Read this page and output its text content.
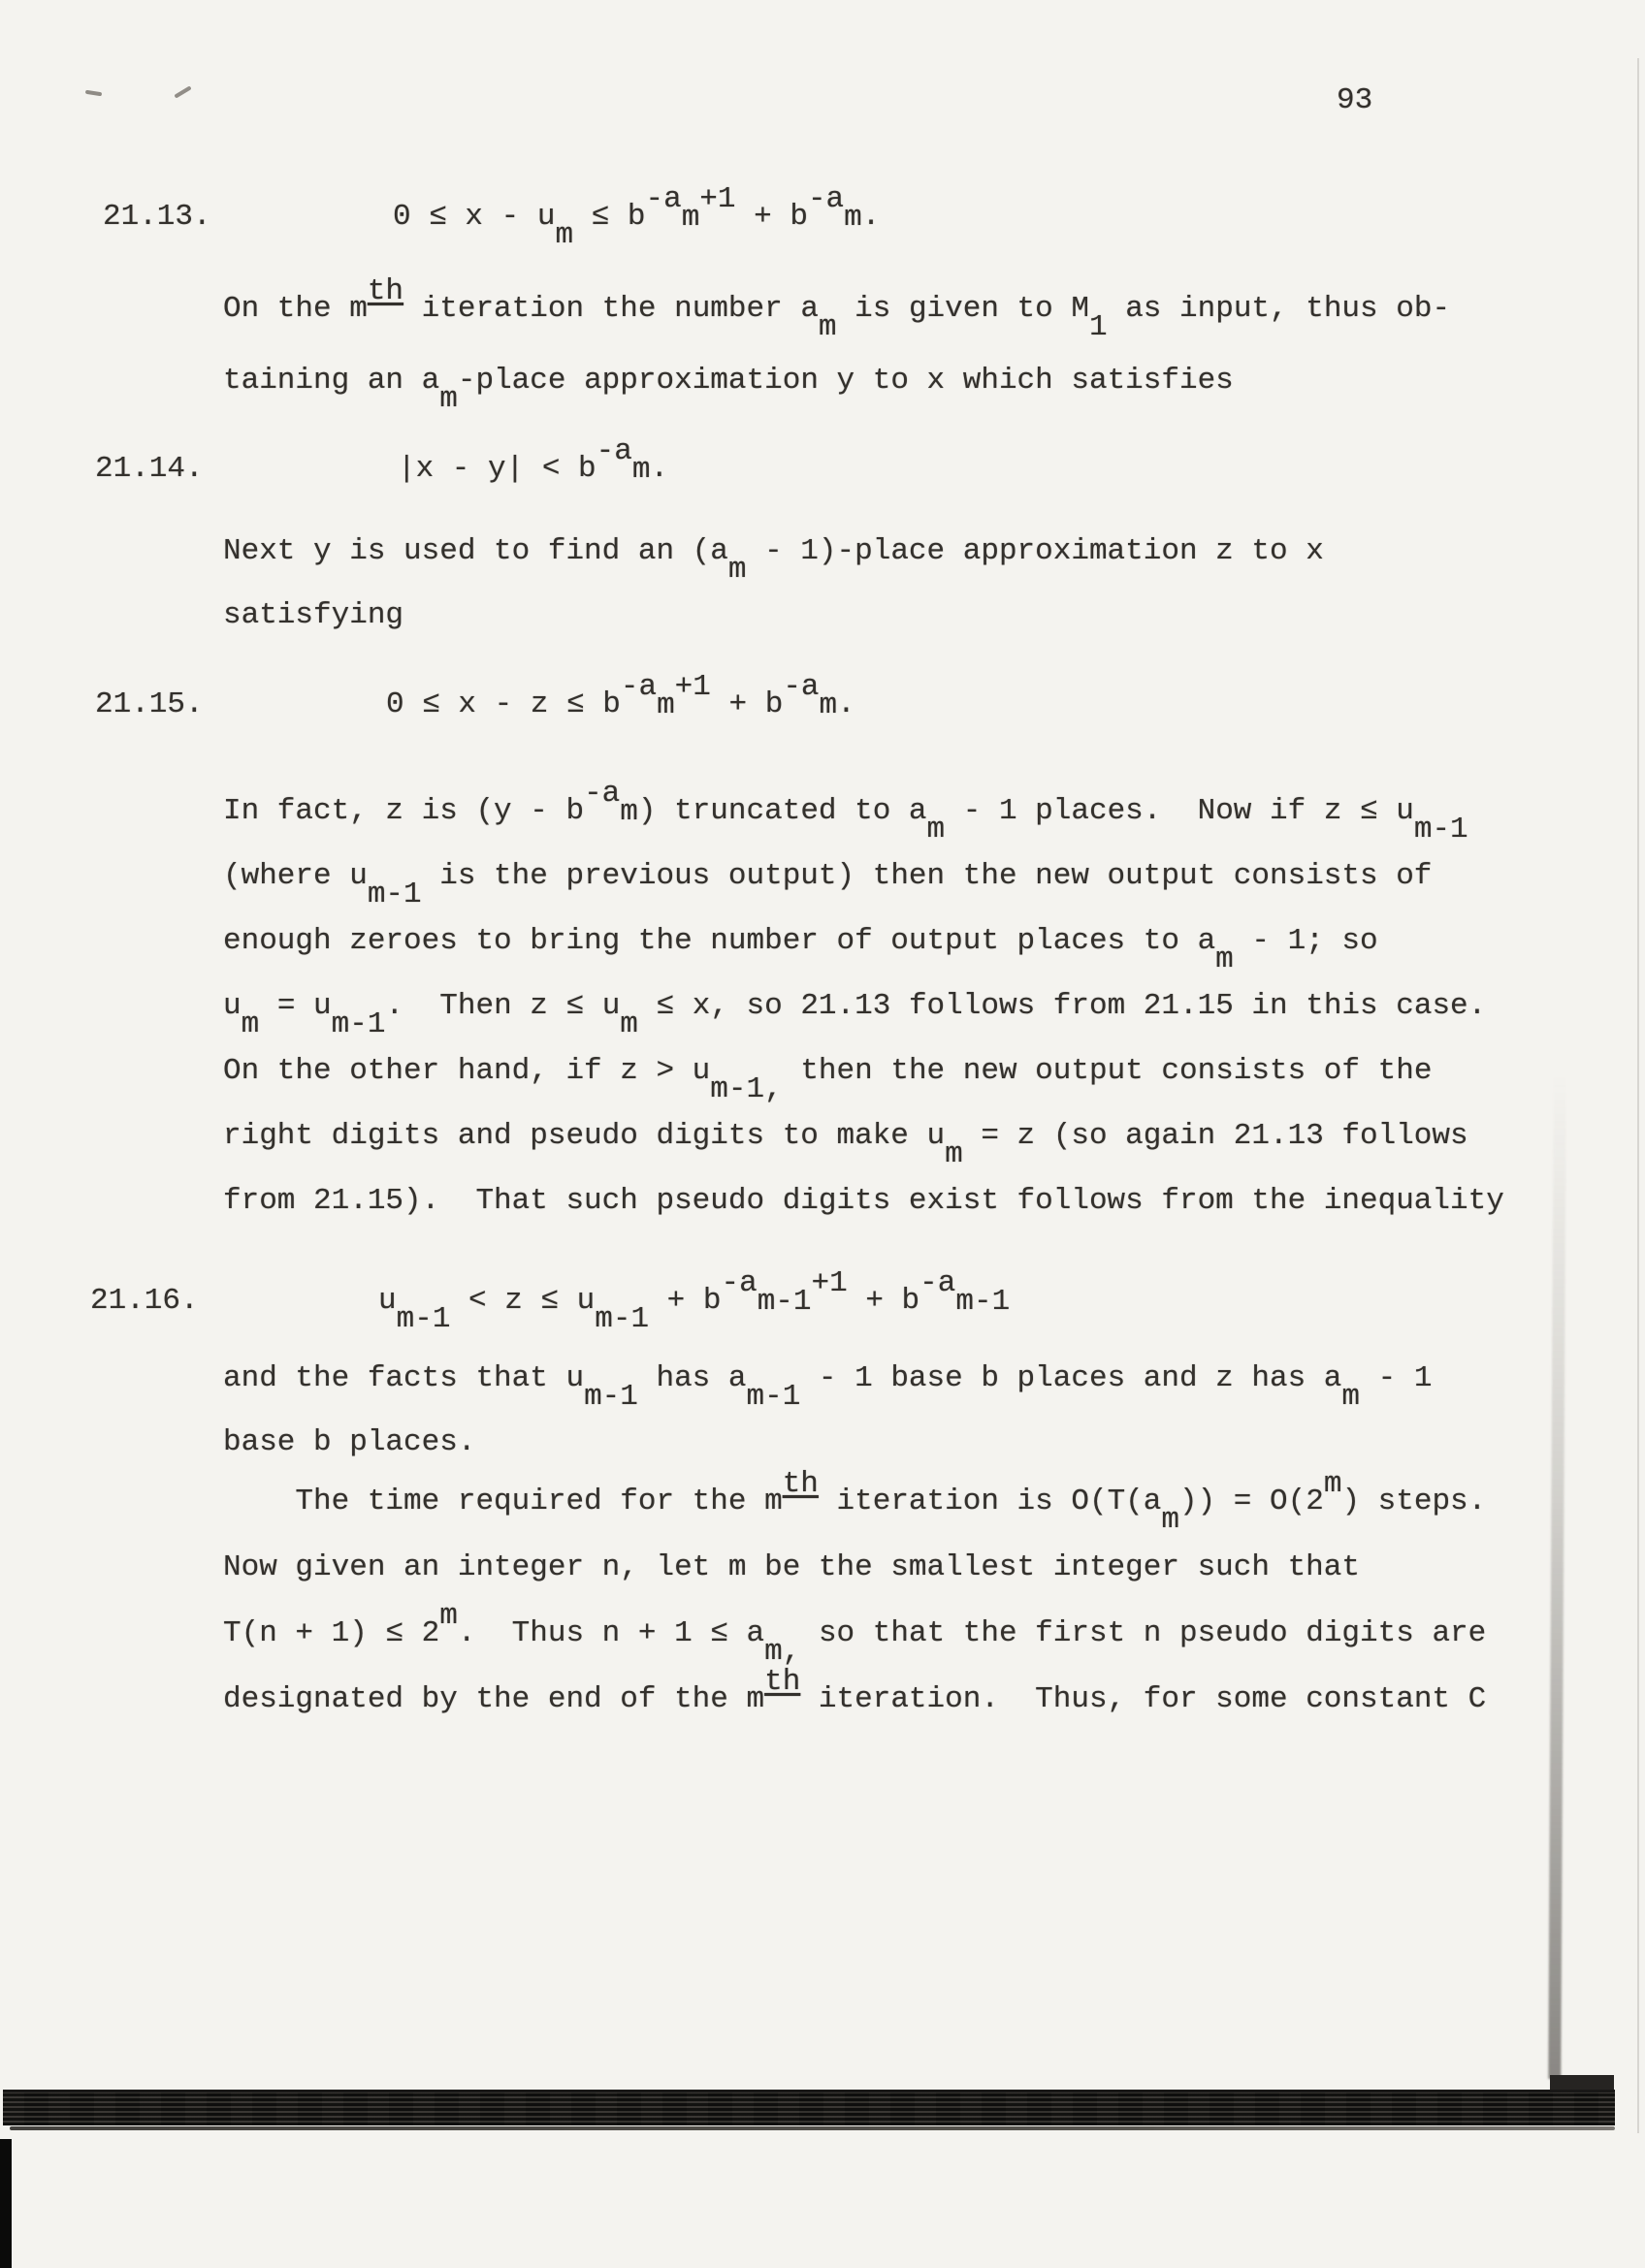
93
21.13.	0 ≤ x - um ≤ b-am+1 + b-am.
On the mth iteration the number am is given to M1 as input, thus ob-
taining an am-place approximation y to x which satisfies
21.14.	|x - y| < b-am.
Next y is used to find an (am - 1)-place approximation z to x
satisfying
21.15.	0 ≤ x - z ≤ b-am+1 + b-am.
In fact, z is (y - b-am) truncated to am - 1 places.  Now if z ≤ um-1
(where um-1 is the previous output) then the new output consists of
enough zeroes to bring the number of output places to am - 1; so
um = um-1.  Then z ≤ um ≤ x, so 21.13 follows from 21.15 in this case.
On the other hand, if z > um-1, then the new output consists of the
right digits and pseudo digits to make um = z (so again 21.13 follows
from 21.15).  That such pseudo digits exist follows from the inequality
21.16.	um-1 < z ≤ um-1 + b-am-1+1 + b-am-1
and the facts that um-1 has am-1 - 1 base b places and z has am - 1
base b places.
The time required for the mth iteration is O(T(am)) = O(2m) steps.
Now given an integer n, let m be the smallest integer such that
T(n + 1) ≤ 2m.  Thus n + 1 ≤ am, so that the first n pseudo digits are
designated by the end of the mth iteration.  Thus, for some constant C
